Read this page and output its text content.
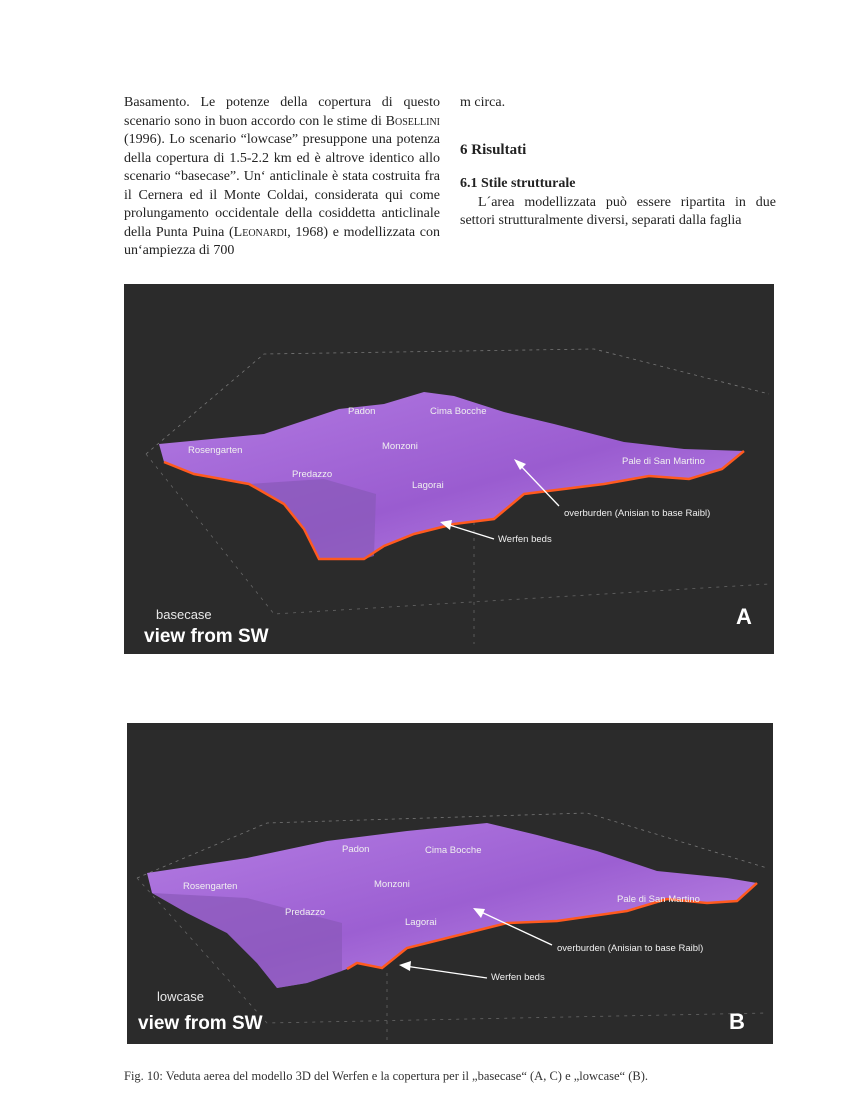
Basamento. Le potenze della copertura di questo scenario sono in buon accordo con le stime di Bosellini (1996). Lo scenario “lowcase” presuppone una potenza della copertura di 1.5-2.2 km ed è altrove identico allo scenario “basecase”. Un‘ anticlinale è stata costruita fra il Cernera ed il Monte Coldai, considerata qui come prolungamento occidentale della cosiddetta anticlinale della Punta Puina (Leonardi, 1968) e modellizzata con un‘ampiezza di 700

m circa.

6 Risultati

6.1 Stile strutturale

L´area modellizzata può essere ripartita in due settori strutturalmente diversi, separati dalla faglia

Padon	Cima Bocche
Rosengarten	Monzoni
Predazzo
Lagorai
Pale di San Martino
overburden (Anisian to base Raibl)
Werfen beds
basecase
view from SW
A
Padon	Cima Bocche
Rosengarten	Monzoni
Predazzo
Lagorai
Pale di San Martino
overburden (Anisian to base Raibl)
Werfen beds
lowcase
view from SW	B
Fig. 10: Veduta aerea del modello 3D del Werfen e la copertura per il „basecase“ (A, C) e „lowcase“ (B).
